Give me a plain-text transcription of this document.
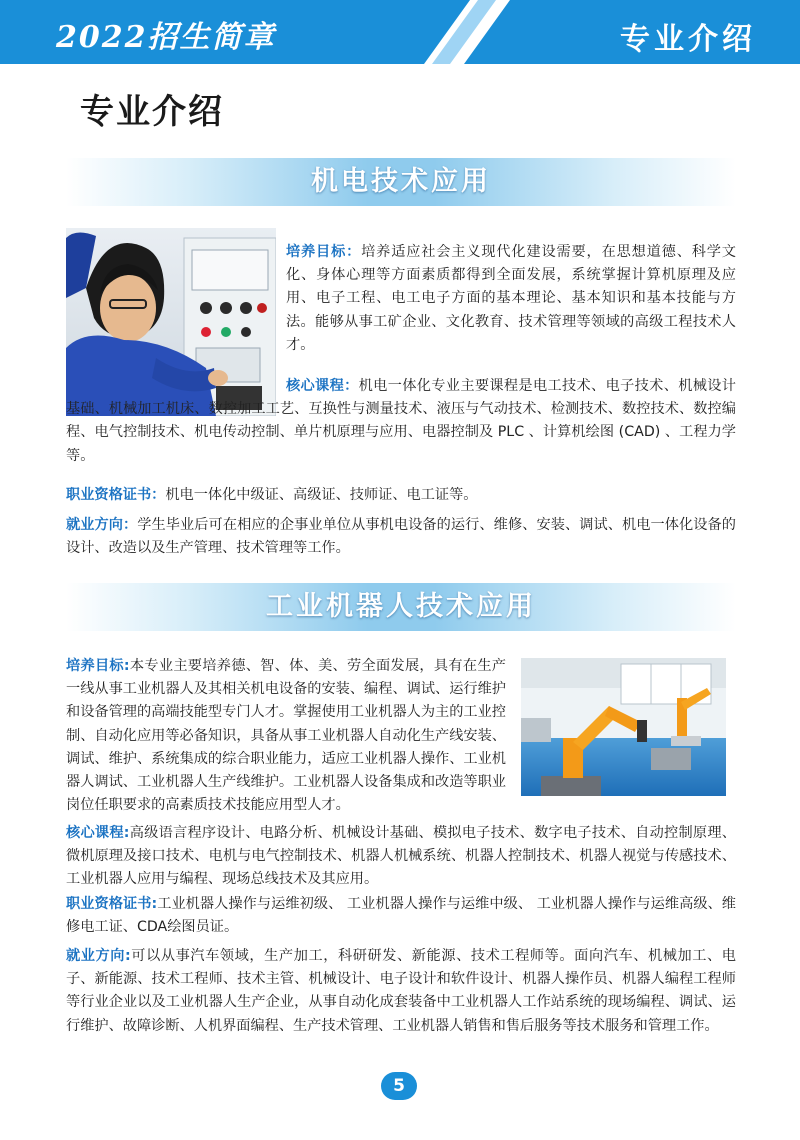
2022招生简章	专业介绍
专业介绍
机电技术应用

培养目标：培养适应社会主义现代化建设需要，在思想道德、科学文化、身体心理等方面素质都得到全面发展，系统掌握计算机原理及应用、电子工程、电工电子方面的基本理论、基本知识和基本技能与方法。能够从事工矿企业、文化教育、技术管理等领域的高级工程技术人才。

核心课程：机电一体化专业主要课程是电工技术、电子技术、机械设计基础、机械加工机床、数控加工工艺、互换性与测量技术、液压与气动技术、检测技术、数控技术、数控编程、电气控制技术、机电传动控制、单片机原理与应用、电器控制及 PLC 、计算机绘图 (CAD) 、工程力学等。

职业资格证书：机电一体化中级证、高级证、技师证、电工证等。

就业方向：学生毕业后可在相应的企事业单位从事机电设备的运行、维修、安装、调试、机电一体化设备的设计、改造以及生产管理、技术管理等工作。

工业机器人技术应用

培养目标:本专业主要培养德、智、体、美、劳全面发展，具有在生产一线从事工业机器人及其相关机电设备的安装、编程、调试、运行维护和设备管理的高端技能型专门人才。掌握使用工业机器人为主的工业控制、自动化应用等必备知识，具备从事工业机器人自动化生产线安装、调试、维护、系统集成的综合职业能力，适应工业机器人操作、工业机器人调试、工业机器人生产线维护。工业机器人设备集成和改造等职业岗位任职要求的高素质技术技能应用型人才。

核心课程:高级语言程序设计、电路分析、机械设计基础、模拟电子技术、数字电子技术、自动控制原理、微机原理及接口技术、电机与电气控制技术、机器人机械系统、机器人控制技术、机器人视觉与传感技术、工业机器人应用与编程、现场总线技术及其应用。

职业资格证书:工业机器人操作与运维初级、 工业机器人操作与运维中级、 工业机器人操作与运维高级、维修电工证、CDA绘图员证。

就业方向:可以从事汽车领域，生产加工，科研研发、新能源、技术工程师等。面向汽车、机械加工、电子、新能源、技术工程师、技术主管、机械设计、电子设计和软件设计、机器人操作员、机器人编程工程师等行业企业以及工业机器人生产企业，从事自动化成套装备中工业机器人工作站系统的现场编程、调试、运行维护、故障诊断、人机界面编程、生产技术管理、工业机器人销售和售后服务等技术服务和管理工作。

5
